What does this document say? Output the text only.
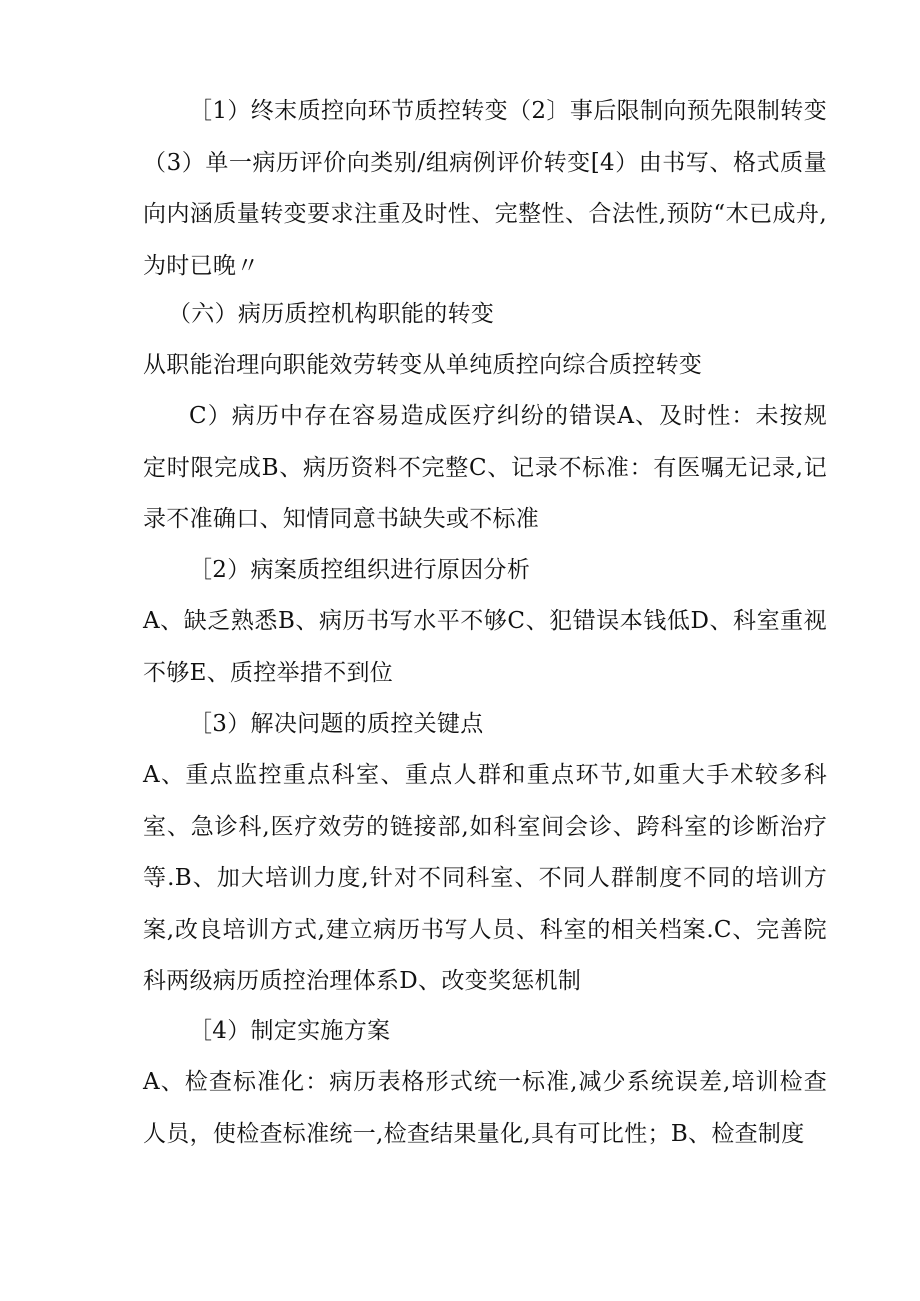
［1）终末质控向环节质控转变（2〕事后限制向预先限制转变（3）单一病历评价向类别/组病例评价转变[4）由书写、格式质量向内涵质量转变要求注重及时性、完整性、合法性,预防“木已成舟,为时已晚〃

（六）病历质控机构职能的转变

从职能治理向职能效劳转变从单纯质控向综合质控转变

C）病历中存在容易造成医疗纠纷的错误A、及时性：未按规定时限完成B、病历资料不完整C、记录不标准：有医嘱无记录,记录不准确口、知情同意书缺失或不标准

［2）病案质控组织进行原因分析

A、缺乏熟悉B、病历书写水平不够C、犯错误本钱低D、科室重视不够E、质控举措不到位

［3）解决问题的质控关键点

A、重点监控重点科室、重点人群和重点环节,如重大手术较多科室、急诊科,医疗效劳的链接部,如科室间会诊、跨科室的诊断治疗等.B、加大培训力度,针对不同科室、不同人群制度不同的培训方案,改良培训方式,建立病历书写人员、科室的相关档案.C、完善院科两级病历质控治理体系D、改变奖惩机制

［4）制定实施方案

A、检查标准化：病历表格形式统一标准,减少系统误差,培训检查人员，使检查标准统一,检查结果量化,具有可比性；B、检查制度
